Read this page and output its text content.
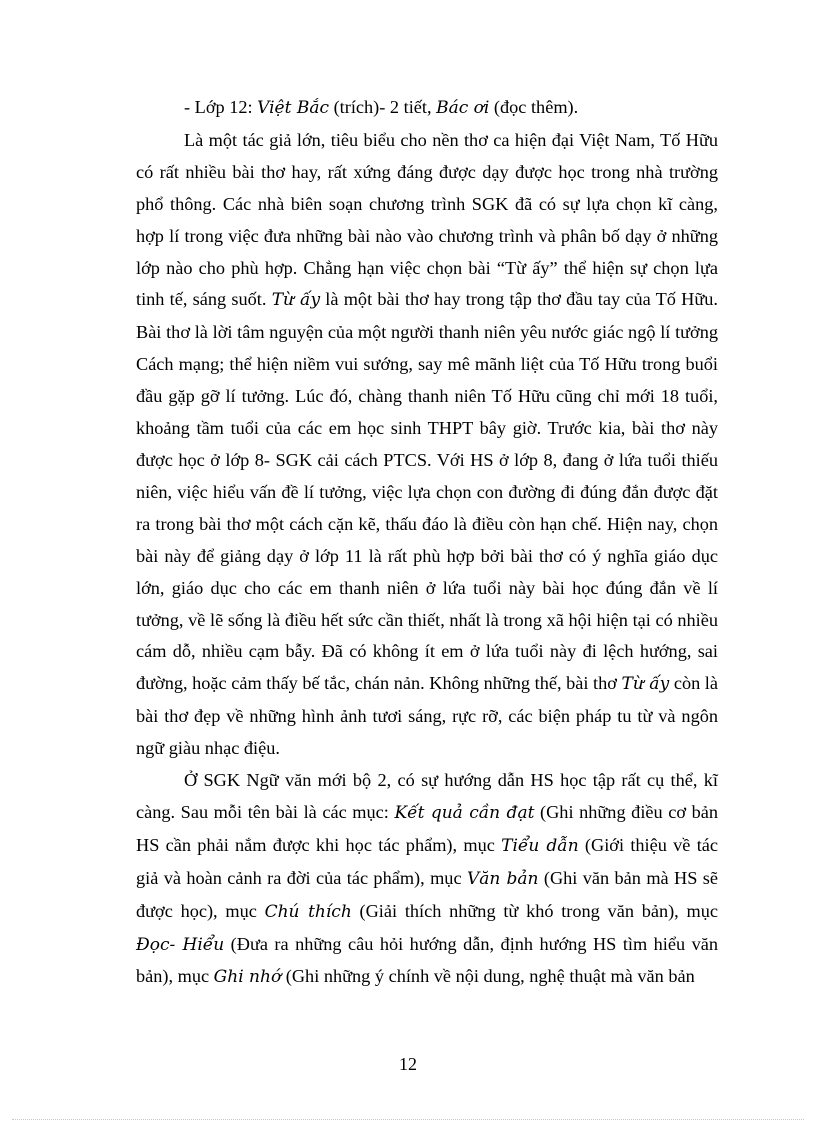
- Lớp 12: Việt Bắc (trích)- 2 tiết, Bác ơi (đọc thêm).

Là một tác giả lớn, tiêu biểu cho nền thơ ca hiện đại Việt Nam, Tố Hữu có rất nhiều bài thơ hay, rất xứng đáng được dạy được học trong nhà trường phổ thông. Các nhà biên soạn chương trình SGK đã có sự lựa chọn kĩ càng, hợp lí trong việc đưa những bài nào vào chương trình và phân bố dạy ở những lớp nào cho phù hợp. Chẳng hạn việc chọn bài “Từ ấy” thể hiện sự chọn lựa tinh tế, sáng suốt. Từ ấy là một bài thơ hay trong tập thơ đầu tay của Tố Hữu. Bài thơ là lời tâm nguyện của một người thanh niên yêu nước giác ngộ lí tưởng Cách mạng; thể hiện niềm vui sướng, say mê mãnh liệt của Tố Hữu trong buổi đầu gặp gỡ lí tưởng. Lúc đó, chàng thanh niên Tố Hữu cũng chỉ mới 18 tuổi, khoảng tầm tuổi của các em học sinh THPT bây giờ. Trước kia, bài thơ này được học ở lớp 8- SGK cải cách PTCS. Với HS ở lớp 8, đang ở lứa tuổi thiếu niên, việc hiểu vấn đề lí tưởng, việc lựa chọn con đường đi đúng đắn được đặt ra trong bài thơ một cách cặn kẽ, thấu đáo là điều còn hạn chế. Hiện nay, chọn bài này để giảng dạy ở lớp 11 là rất phù hợp bởi bài thơ có ý nghĩa giáo dục lớn, giáo dục cho các em thanh niên ở lứa tuổi này bài học đúng đắn về lí tưởng, về lẽ sống là điều hết sức cần thiết, nhất là trong xã hội hiện tại có nhiều cám dỗ, nhiều cạm bẫy. Đã có không ít em ở lứa tuổi này đi lệch hướng, sai đường, hoặc cảm thấy bế tắc, chán nản. Không những thế, bài thơ Từ ấy còn là bài thơ đẹp về những hình ảnh tươi sáng, rực rỡ, các biện pháp tu từ và ngôn ngữ giàu nhạc điệu.

Ở SGK Ngữ văn mới bộ 2, có sự hướng dẫn HS học tập rất cụ thể, kĩ càng. Sau mỗi tên bài là các mục: Kết quả cần đạt (Ghi những điều cơ bản HS cần phải nắm được khi học tác phẩm), mục Tiểu dẫn (Giới thiệu về tác giả và hoàn cảnh ra đời của tác phẩm), mục Văn bản (Ghi văn bản mà HS sẽ được học), mục Chú thích (Giải thích những từ khó trong văn bản), mục Đọc- Hiểu (Đưa ra những câu hỏi hướng dẫn, định hướng HS tìm hiểu văn bản), mục Ghi nhớ (Ghi những ý chính về nội dung, nghệ thuật mà văn bản

12
